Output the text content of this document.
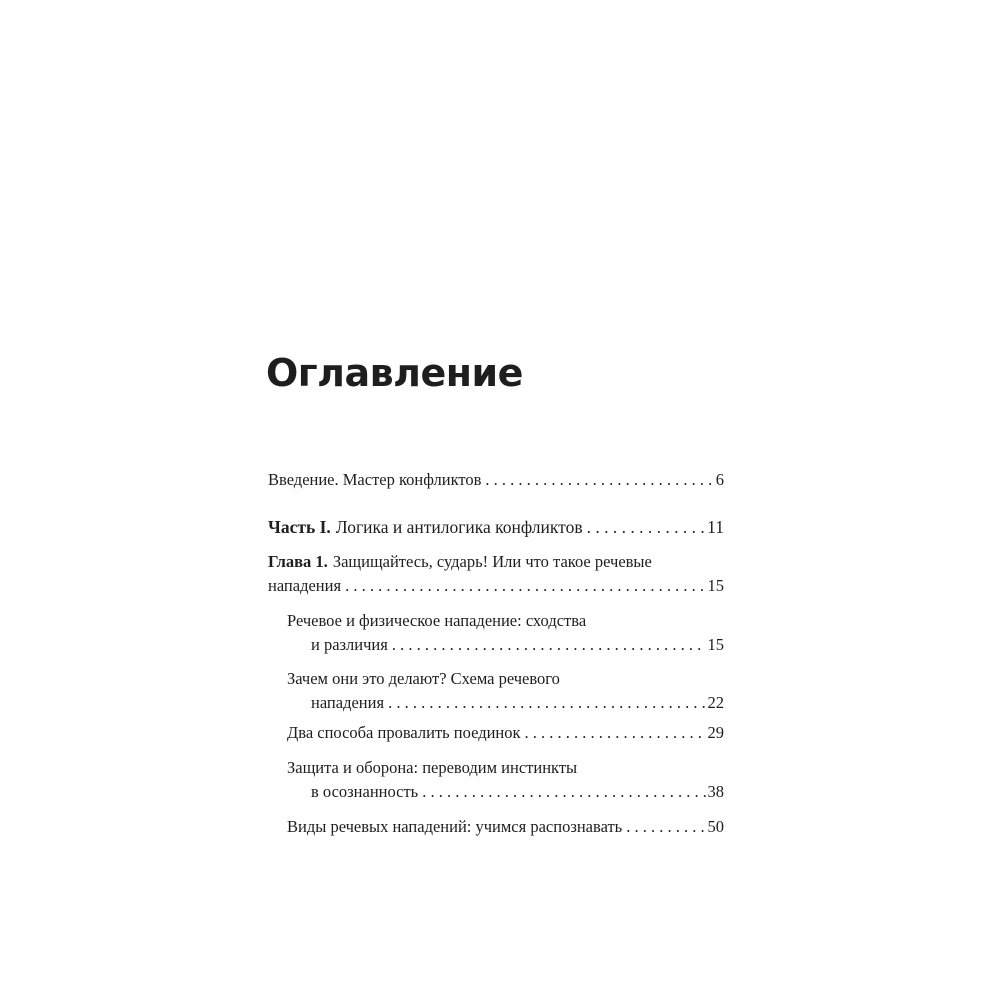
Оглавление
Введение. Мастер конфликтов . . .	6
Часть I. Логика и антилогика конфликтов . . .	11
Глава 1. Защищайтесь, сударь! Или что такое речевые
нападения . . .	15
Речевое и физическое нападение: сходства
и различия . . .	15
Зачем они это делают? Схема речевого
нападения . . .	22
Два способа провалить поединок . . .	29
Защита и оборона: переводим инстинкты
в осознанность . . .	38
Виды речевых нападений: учимся распознавать . . .	50
